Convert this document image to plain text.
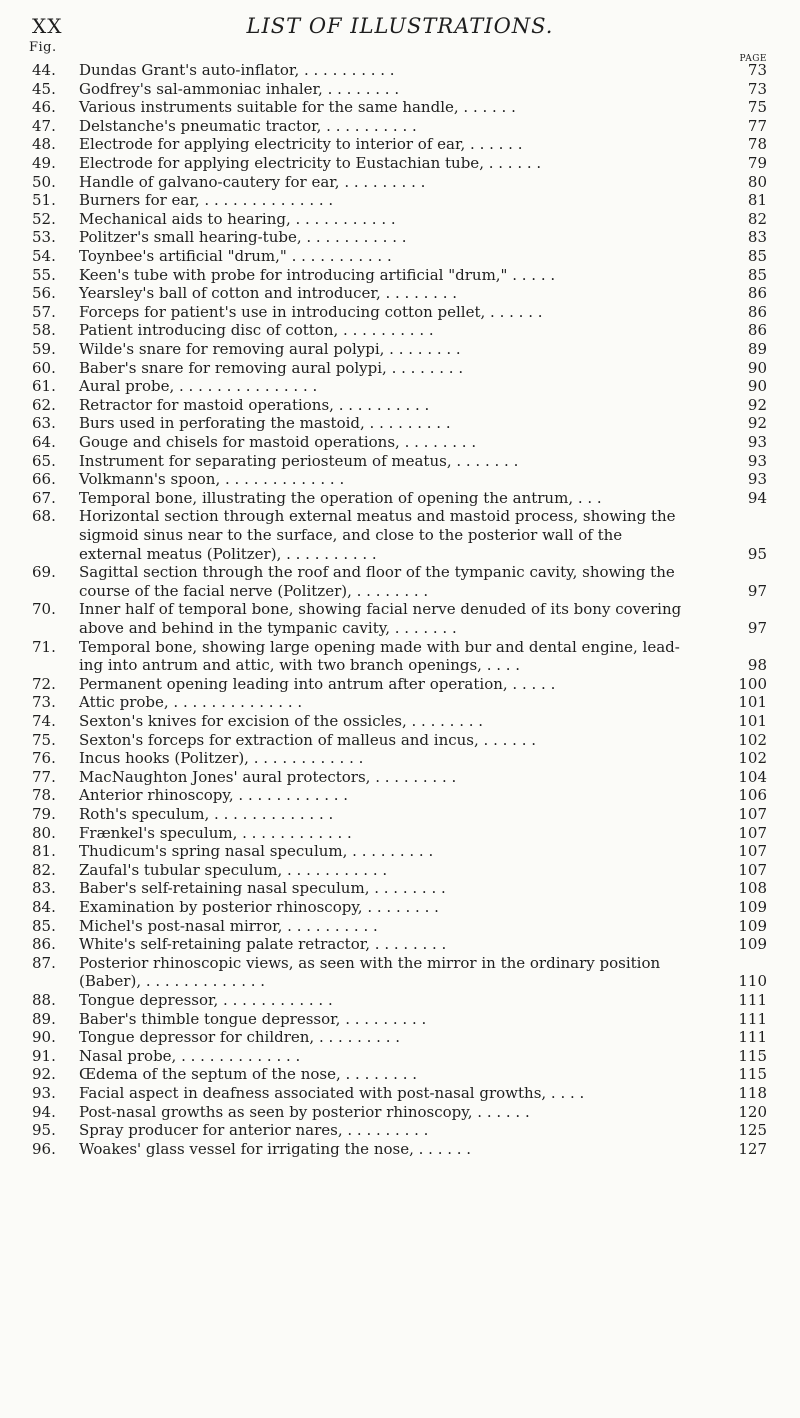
XX	LIST OF ILLUSTRATIONS.
Fig.
PAGE
44.	Dundas Grant's auto-inflator, . . . . . . . . . .	73
45.	Godfrey's sal-ammoniac inhaler, . . . . . . . .	73
46.	Various instruments suitable for the same handle, . . . . . .	75
47.	Delstanche's pneumatic tractor, . . . . . . . . . .	77
48.	Electrode for applying electricity to interior of ear, . . . . . .	78
49.	Electrode for applying electricity to Eustachian tube, . . . . . .	79
50.	Handle of galvano-cautery for ear, . . . . . . . . .	80
51.	Burners for ear, . . . . . . . . . . . . . .	81
52.	Mechanical aids to hearing, . . . . . . . . . . .	82
53.	Politzer's small hearing-tube, . . . . . . . . . . .	83
54.	Toynbee's artificial "drum," . . . . . . . . . . .	85
55.	Keen's tube with probe for introducing artificial "drum," . . . . .	85
56.	Yearsley's ball of cotton and introducer, . . . . . . . .	86
57.	Forceps for patient's use in introducing cotton pellet, . . . . . .	86
58.	Patient introducing disc of cotton, . . . . . . . . . .	86
59.	Wilde's snare for removing aural polypi, . . . . . . . .	89
60.	Baber's snare for removing aural polypi, . . . . . . . .	90
61.	Aural probe, . . . . . . . . . . . . . . .	90
62.	Retractor for mastoid operations, . . . . . . . . . .	92
63.	Burs used in perforating the mastoid, . . . . . . . . .	92
64.	Gouge and chisels for mastoid operations, . . . . . . . .	93
65.	Instrument for separating periosteum of meatus, . . . . . . .	93
66.	Volkmann's spoon, . . . . . . . . . . . . .	93
67.	Temporal bone, illustrating the operation of opening the antrum, . . .	94
68.	Horizontal section through external meatus and mastoid process, showing the
sigmoid sinus near to the surface, and close to the posterior wall of the
external meatus (Politzer), . . . . . . . . . .	95
69.	Sagittal section through the roof and floor of the tympanic cavity, showing the
course of the facial nerve (Politzer), . . . . . . . .	97
70.	Inner half of temporal bone, showing facial nerve denuded of its bony covering
above and behind in the tympanic cavity, . . . . . . .	97
71.	Temporal bone, showing large opening made with bur and dental engine, lead-
ing into antrum and attic, with two branch openings, . . . .	98
72.	Permanent opening leading into antrum after operation, . . . . .	100
73.	Attic probe, . . . . . . . . . . . . . .	101
74.	Sexton's knives for excision of the ossicles, . . . . . . . .	101
75.	Sexton's forceps for extraction of malleus and incus, . . . . . .	102
76.	Incus hooks (Politzer), . . . . . . . . . . . .	102
77.	MacNaughton Jones' aural protectors, . . . . . . . . .	104
78.	Anterior rhinoscopy, . . . . . . . . . . . .	106
79.	Roth's speculum, . . . . . . . . . . . . .	107
80.	Frænkel's speculum, . . . . . . . . . . . .	107
81.	Thudicum's spring nasal speculum, . . . . . . . . .	107
82.	Zaufal's tubular speculum, . . . . . . . . . . .	107
83.	Baber's self-retaining nasal speculum, . . . . . . . .	108
84.	Examination by posterior rhinoscopy, . . . . . . . .	109
85.	Michel's post-nasal mirror, . . . . . . . . . .	109
86.	White's self-retaining palate retractor, . . . . . . . .	109
87.	Posterior rhinoscopic views, as seen with the mirror in the ordinary position
(Baber), . . . . . . . . . . . . .	110
88.	Tongue depressor, . . . . . . . . . . . .	111
89.	Baber's thimble tongue depressor, . . . . . . . . .	111
90.	Tongue depressor for children, . . . . . . . . .	111
91.	Nasal probe, . . . . . . . . . . . . .	115
92.	Œdema of the septum of the nose, . . . . . . . .	115
93.	Facial aspect in deafness associated with post-nasal growths, . . . .	118
94.	Post-nasal growths as seen by posterior rhinoscopy, . . . . . .	120
95.	Spray producer for anterior nares, . . . . . . . . .	125
96.	Woakes' glass vessel for irrigating the nose, . . . . . .	127
